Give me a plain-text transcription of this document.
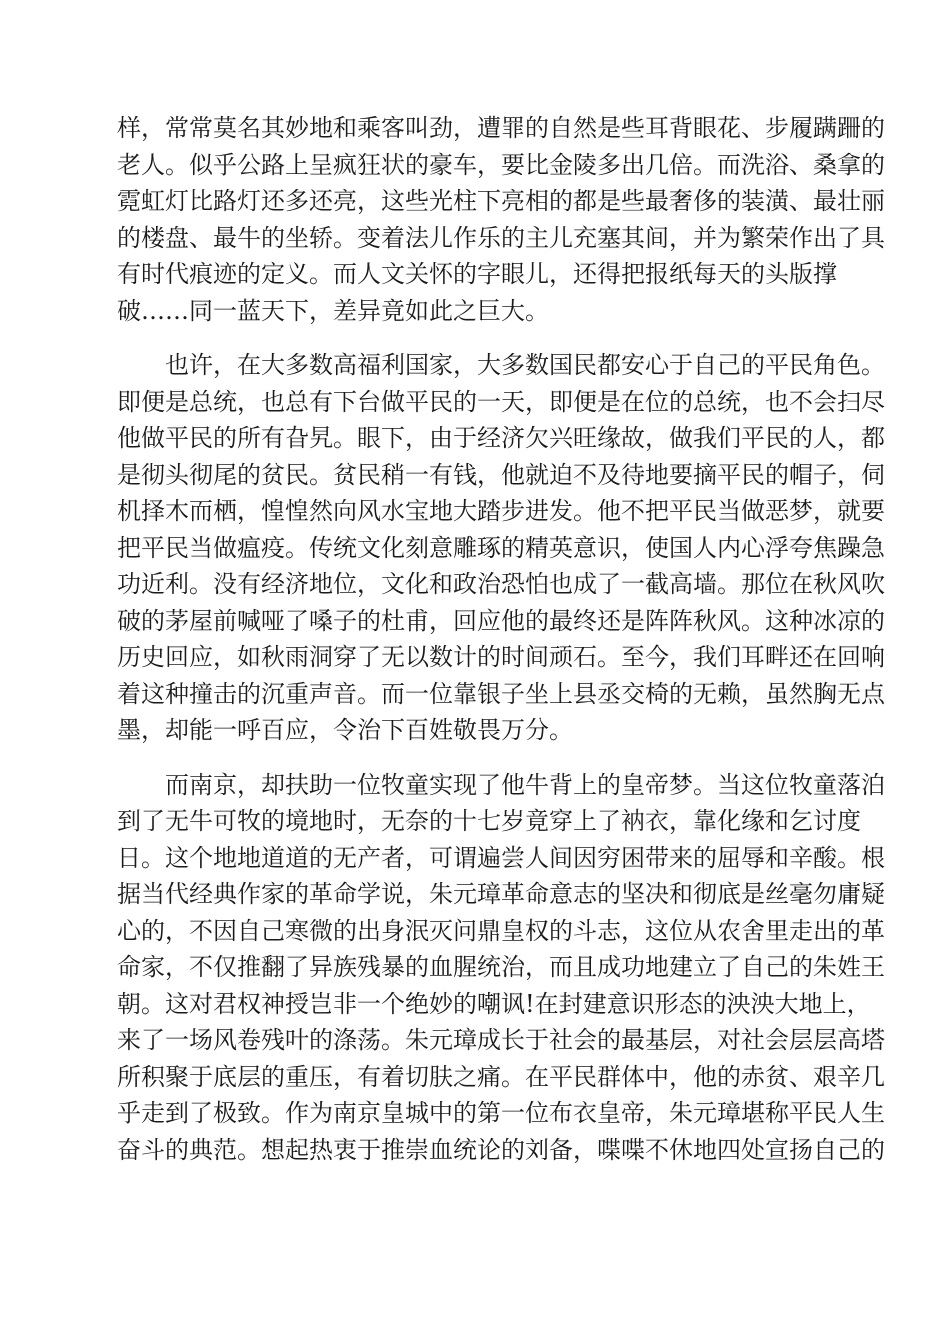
样，常常莫名其妙地和乘客叫劲，遭罪的自然是些耳背眼花、步履蹒跚的
老人。似乎公路上呈疯狂状的豪车，要比金陵多出几倍。而洗浴、桑拿的
霓虹灯比路灯还多还亮，这些光柱下亮相的都是些最奢侈的装潢、最壮丽
的楼盘、最牛的坐轿。变着法儿作乐的主儿充塞其间，并为繁荣作出了具
有时代痕迹的定义。而人文关怀的字眼儿，还得把报纸每天的头版撑
破……同一蓝天下，差异竟如此之巨大。
也许，在大多数高福利国家，大多数国民都安心于自己的平民角色。
即便是总统，也总有下台做平民的一天，即便是在位的总统，也不会扫尽
他做平民的所有旮旯。眼下，由于经济欠兴旺缘故，做我们平民的人，都
是彻头彻尾的贫民。贫民稍一有钱，他就迫不及待地要摘平民的帽子，伺
机择木而栖，惶惶然向风水宝地大踏步进发。他不把平民当做恶梦，就要
把平民当做瘟疫。传统文化刻意雕琢的精英意识，使国人内心浮夸焦躁急
功近利。没有经济地位，文化和政治恐怕也成了一截高墙。那位在秋风吹
破的茅屋前喊哑了嗓子的杜甫，回应他的最终还是阵阵秋风。这种冰凉的
历史回应，如秋雨洞穿了无以数计的时间顽石。至今，我们耳畔还在回响
着这种撞击的沉重声音。而一位靠银子坐上县丞交椅的无赖，虽然胸无点
墨，却能一呼百应，令治下百姓敬畏万分。
而南京，却扶助一位牧童实现了他牛背上的皇帝梦。当这位牧童落泊
到了无牛可牧的境地时，无奈的十七岁竟穿上了衲衣，靠化缘和乞讨度
日。这个地地道道的无产者，可谓遍尝人间因穷困带来的屈辱和辛酸。根
据当代经典作家的革命学说，朱元璋革命意志的坚决和彻底是丝毫勿庸疑
心的，不因自己寒微的出身泯灭问鼎皇权的斗志，这位从农舍里走出的革
命家，不仅推翻了异族残暴的血腥统治，而且成功地建立了自己的朱姓王
朝。这对君权神授岂非一个绝妙的嘲讽!在封建意识形态的泱泱大地上，
来了一场风卷残叶的涤荡。朱元璋成长于社会的最基层，对社会层层高塔
所积聚于底层的重压，有着切肤之痛。在平民群体中，他的赤贫、艰辛几
乎走到了极致。作为南京皇城中的第一位布衣皇帝，朱元璋堪称平民人生
奋斗的典范。想起热衷于推崇血统论的刘备，喋喋不休地四处宣扬自己的
